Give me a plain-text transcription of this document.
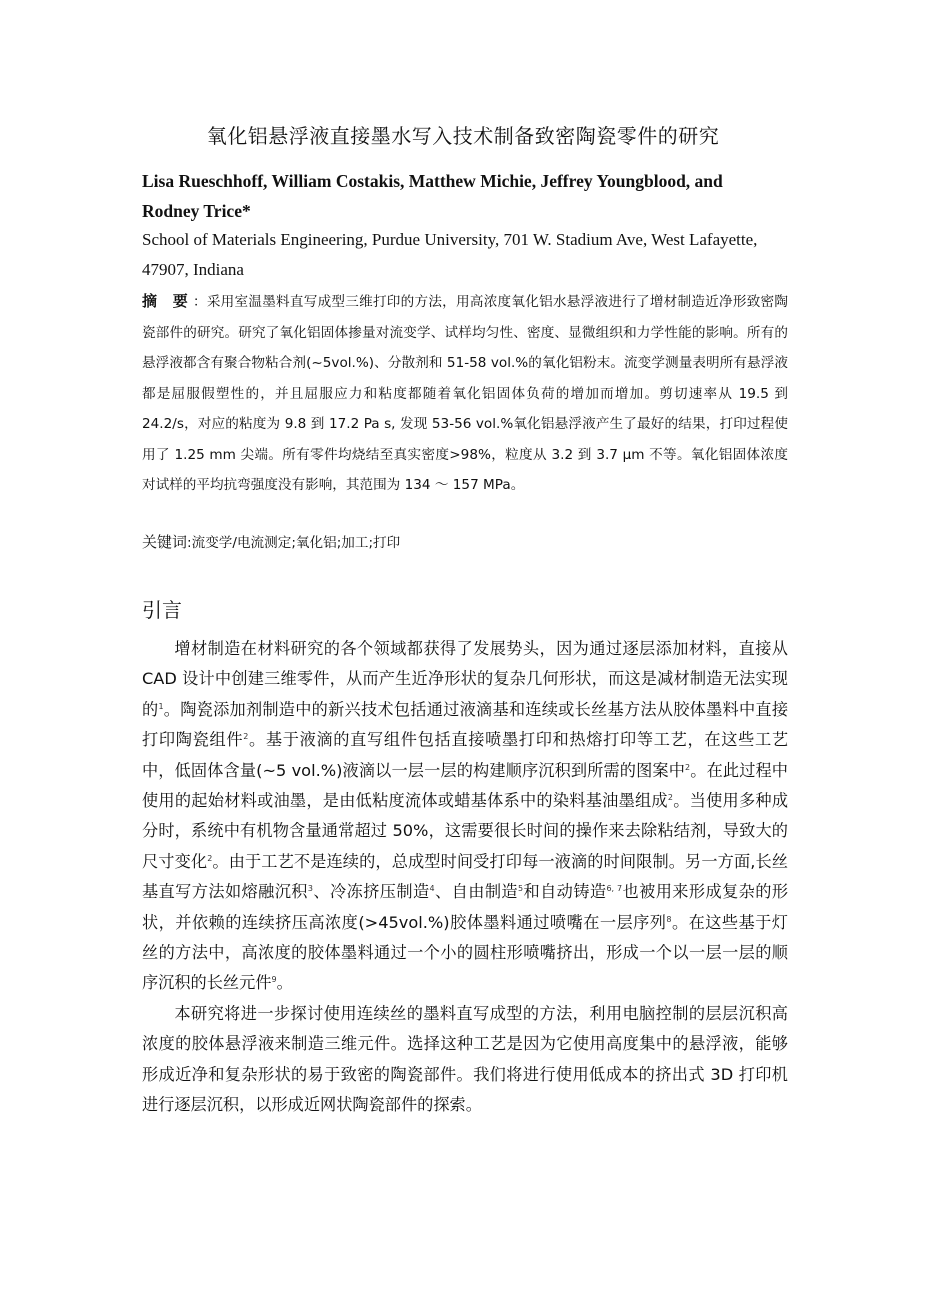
氧化铝悬浮液直接墨水写入技术制备致密陶瓷零件的研究
Lisa Rueschhoff, William Costakis, Matthew Michie, Jeffrey Youngblood, and Rodney Trice*
School of Materials Engineering, Purdue University, 701 W. Stadium Ave, West Lafayette, 47907, Indiana
摘 要：采用室温墨料直写成型三维打印的方法，用高浓度氧化铝水悬浮液进行了增材制造近净形致密陶瓷部件的研究。研究了氧化铝固体掺量对流变学、试样均匀性、密度、显微组织和力学性能的影响。所有的悬浮液都含有聚合物粘合剂(~5vol.%)、分散剂和 51-58 vol.%的氧化铝粉末。流变学测量表明所有悬浮液都是屈服假塑性的，并且屈服应力和粘度都随着氧化铝固体负荷的增加而增加。剪切速率从 19.5 到 24.2/s，对应的粘度为 9.8 到 17.2 Pa s, 发现 53-56 vol.%氧化铝悬浮液产生了最好的结果，打印过程使用了 1.25 mm 尖端。所有零件均烧结至真实密度>98%，粒度从 3.2 到 3.7 μm 不等。氧化铝固体浓度对试样的平均抗弯强度没有影响，其范围为 134 ～ 157 MPa。
关键词:流变学/电流测定;氧化铝;加工;打印
引言

增材制造在材料研究的各个领域都获得了发展势头，因为通过逐层添加材料，直接从 CAD 设计中创建三维零件，从而产生近净形状的复杂几何形状，而这是减材制造无法实现的$^1$。陶瓷添加剂制造中的新兴技术包括通过液滴基和连续或长丝基方法从胶体墨料中直接打印陶瓷组件$^2$。基于液滴的直写组件包括直接喷墨打印和热熔打印等工艺，在这些工艺中，低固体含量(~5 vol.%)液滴以一层一层的构建顺序沉积到所需的图案中$^2$。在此过程中使用的起始材料或油墨，是由低粘度流体或蜡基体系中的染料基油墨组成$^2$。当使用多种成分时，系统中有机物含量通常超过 50%，这需要很长时间的操作来去除粘结剂，导致大的尺寸变化$^2$。由于工艺不是连续的，总成型时间受打印每一液滴的时间限制。另一方面,长丝基直写方法如熔融沉积$^3$、冷冻挤压制造$^4$、自由制造$^5$和自动铸造$^{6, 7}$也被用来形成复杂的形状，并依赖的连续挤压高浓度(>45vol.%)胶体墨料通过喷嘴在一层序列$^8$。在这些基于灯丝的方法中，高浓度的胶体墨料通过一个小的圆柱形喷嘴挤出，形成一个以一层一层的顺序沉积的长丝元件$^9$。

本研究将进一步探讨使用连续丝的墨料直写成型的方法，利用电脑控制的层层沉积高浓度的胶体悬浮液来制造三维元件。选择这种工艺是因为它使用高度集中的悬浮液，能够形成近净和复杂形状的易于致密的陶瓷部件。我们将进行使用低成本的挤出式 3D 打印机进行逐层沉积，以形成近网状陶瓷部件的探索。
